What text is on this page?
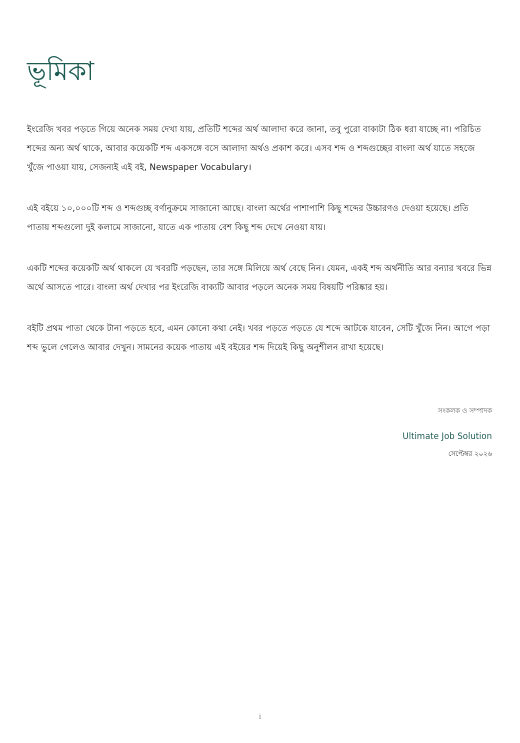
ভূমিকা

ইংরেজি খবর পড়তে গিয়ে অনেক সময় দেখা যায়, প্রতিটি শব্দের অর্থ আলাদা করে জানা, তবু পুরো বাক্যটা ঠিক ধরা যাচ্ছে না। পরিচিত শব্দের অন্য অর্থ থাকে, আবার কয়েকটি শব্দ একসঙ্গে বসে আলাদা অর্থও প্রকাশ করে। এসব শব্দ ও শব্দগুচ্ছের বাংলা অর্থ যাতে সহজে খুঁজে পাওয়া যায়, সেজন্যই এই বই, Newspaper Vocabulary।

এই বইয়ে ১০,০০০টি শব্দ ও শব্দগুচ্ছ বর্ণানুক্রমে সাজানো আছে। বাংলা অর্থের পাশাপাশি কিছু শব্দের উচ্চারণও দেওয়া হয়েছে। প্রতি পাতায় শব্দগুলো দুই কলামে সাজানো, যাতে এক পাতায় বেশ কিছু শব্দ দেখে নেওয়া যায়।

একটি শব্দের কয়েকটি অর্থ থাকলে যে খবরটি পড়ছেন, তার সঙ্গে মিলিয়ে অর্থ বেছে নিন। যেমন, একই শব্দ অর্থনীতি আর বন্যার খবরে ভিন্ন অর্থে আসতে পারে। বাংলা অর্থ দেখার পর ইংরেজি বাক্যটি আবার পড়লে অনেক সময় বিষয়টি পরিষ্কার হয়।

বইটি প্রথম পাতা থেকে টানা পড়তে হবে, এমন কোনো কথা নেই। খবর পড়তে পড়তে যে শব্দে আটকে যাবেন, সেটি খুঁজে নিন। আগে পড়া শব্দ ভুলে গেলেও আবার দেখুন। সামনের কয়েক পাতায় এই বইয়ের শব্দ দিয়েই কিছু অনুশীলন রাখা হয়েছে।

সংকলক ও সম্পাদক
Ultimate Job Solution
সেপ্টেম্বর ২০২৬
i
